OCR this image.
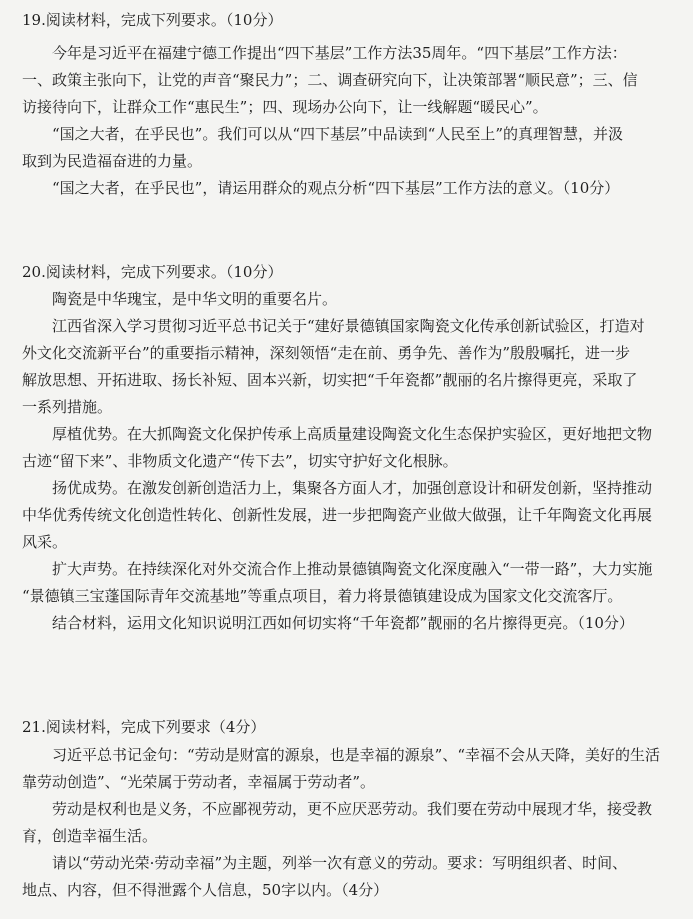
19.阅读材料，完成下列要求。（10分）
今年是习近平在福建宁德工作提出“四下基层”工作方法35周年。“四下基层”工作方法：
一、政策主张向下，让党的声音“聚民力”；二、调查研究向下，让决策部署“顺民意”；三、信
访接待向下，让群众工作“惠民生”；四、现场办公向下，让一线解题“暖民心”。
“国之大者，在乎民也”。我们可以从“四下基层”中品读到“人民至上”的真理智慧，并汲
取到为民造福奋进的力量。
“国之大者，在乎民也”，请运用群众的观点分析“四下基层”工作方法的意义。（10分）
20.阅读材料，完成下列要求。（10分）
陶瓷是中华瑰宝，是中华文明的重要名片。
江西省深入学习贯彻习近平总书记关于“建好景德镇国家陶瓷文化传承创新试验区，打造对
外文化交流新平台”的重要指示精神，深刻领悟“走在前、勇争先、善作为”殷殷嘱托，进一步
解放思想、开拓进取、扬长补短、固本兴新，切实把“千年瓷都”靓丽的名片擦得更亮，采取了
一系列措施。
厚植优势。在大抓陶瓷文化保护传承上高质量建设陶瓷文化生态保护实验区，更好地把文物
古迹“留下来”、非物质文化遗产“传下去”，切实守护好文化根脉。
扬优成势。在激发创新创造活力上，集聚各方面人才，加强创意设计和研发创新，坚持推动
中华优秀传统文化创造性转化、创新性发展，进一步把陶瓷产业做大做强，让千年陶瓷文化再展
风采。
扩大声势。在持续深化对外交流合作上推动景德镇陶瓷文化深度融入“一带一路”，大力实施
“景德镇三宝蓬国际青年交流基地”等重点项目，着力将景德镇建设成为国家文化交流客厅。
结合材料，运用文化知识说明江西如何切实将“千年瓷都”靓丽的名片擦得更亮。（10分）
21.阅读材料，完成下列要求（4分）
习近平总书记金句：“劳动是财富的源泉，也是幸福的源泉”、“幸福不会从天降，美好的生活
靠劳动创造”、“光荣属于劳动者，幸福属于劳动者”。
劳动是权利也是义务，不应鄙视劳动，更不应厌恶劳动。我们要在劳动中展现才华，接受教
育，创造幸福生活。
请以“劳动光荣·劳动幸福”为主题，列举一次有意义的劳动。要求：写明组织者、时间、
地点、内容，但不得泄露个人信息，50字以内。（4分）
